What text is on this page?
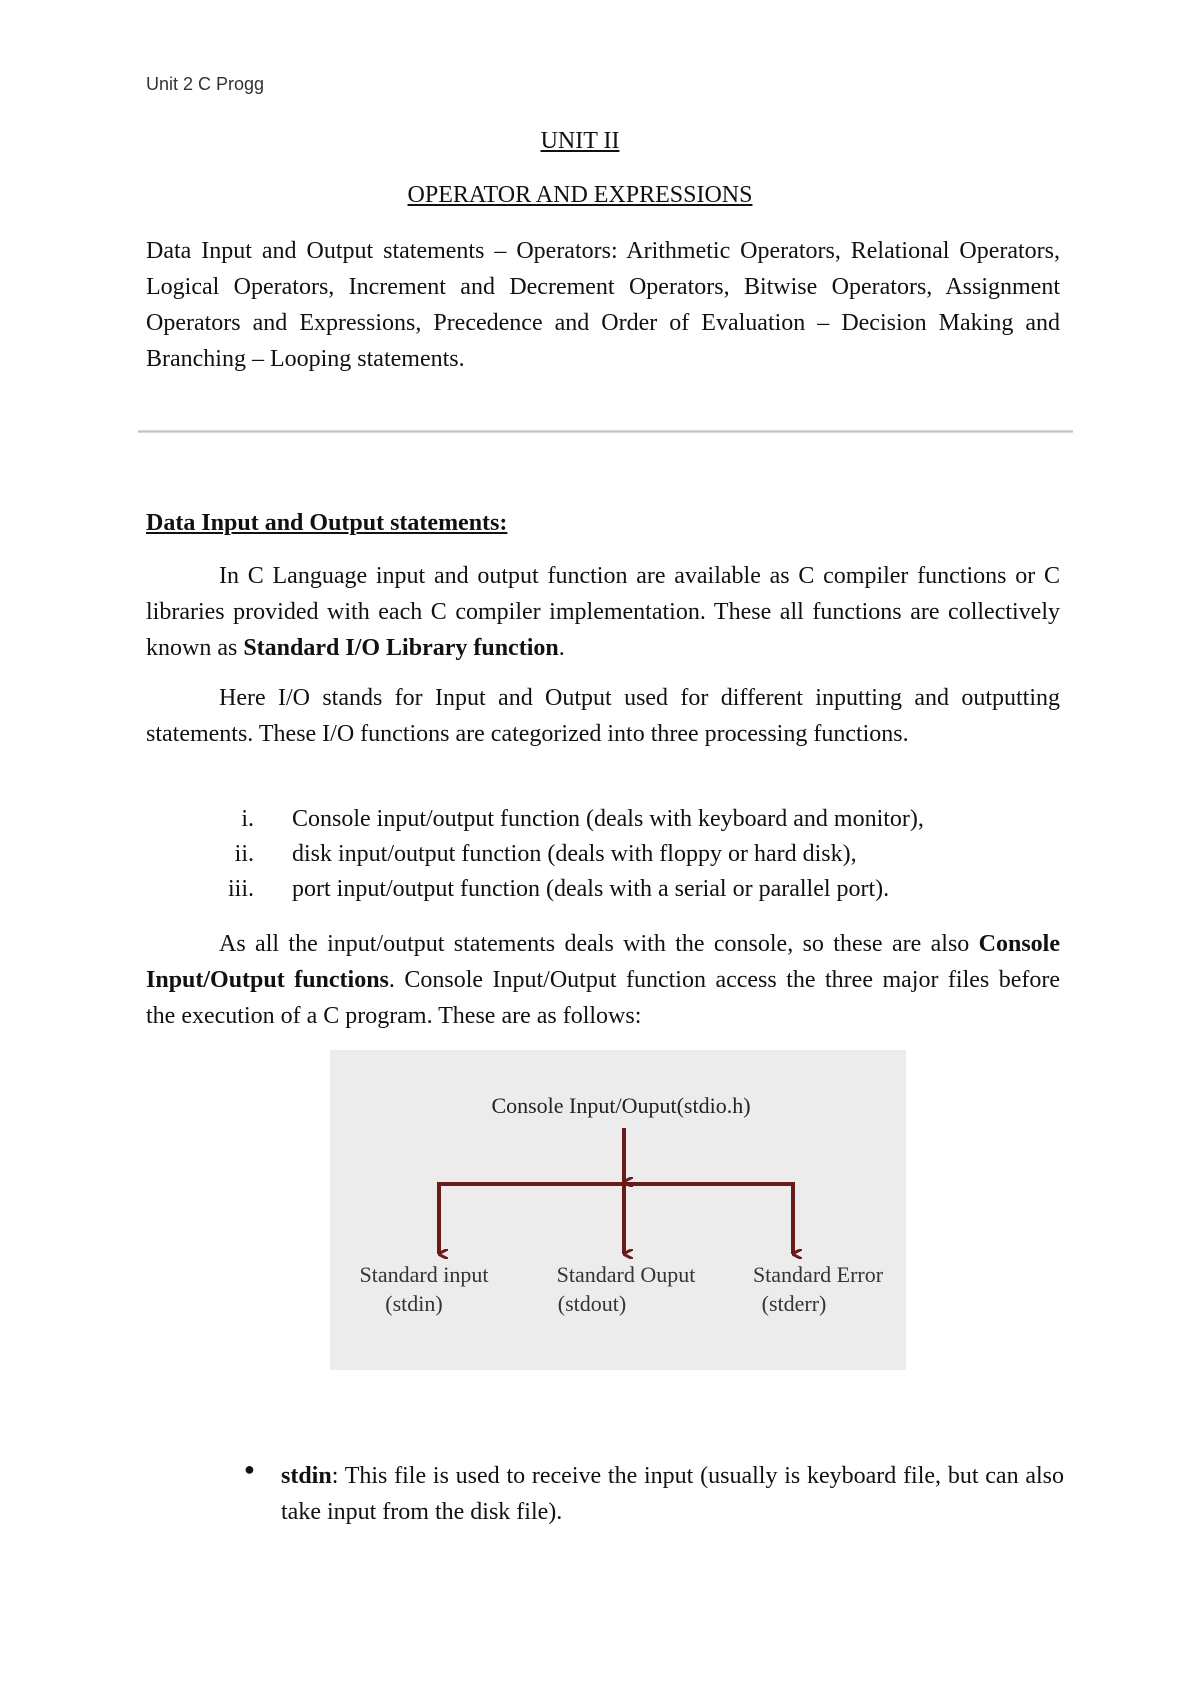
Unit 2 C Progg
UNIT II
OPERATOR AND EXPRESSIONS

Data Input and Output statements – Operators: Arithmetic Operators, Relational Operators, Logical Operators, Increment and Decrement Operators, Bitwise Operators, Assignment Operators and Expressions, Precedence and Order of Evaluation – Decision Making and Branching – Looping statements.

Data Input and Output statements:

In C Language input and output function are available as C compiler functions or C libraries provided with each C compiler implementation. These all functions are collectively known as Standard I/O Library function.

Here I/O stands for Input and Output used for different inputting and outputting statements. These I/O functions are categorized into three processing functions.

i. Console input/output function (deals with keyboard and monitor),
ii. disk input/output function (deals with floppy or hard disk),
iii. port input/output function (deals with a serial or parallel port).

As all the input/output statements deals with the console, so these are also Console Input/Output functions. Console Input/Output function access the three major files before the execution of a C program. These are as follows:

Console Input/Ouput(stdio.h)
Standard input
(stdin)
Standard Ouput
(stdout)
Standard Error
(stderr)
● stdin: This file is used to receive the input (usually is keyboard file, but can also take input from the disk file).
